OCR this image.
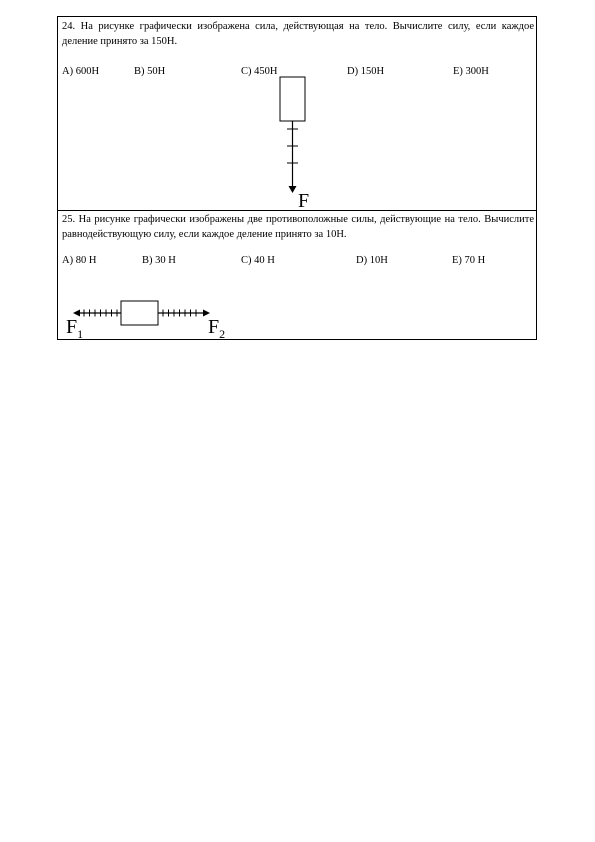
24. На рисунке графически изображена сила, действующая на тело. Вычислите силу, если каждое деление принято за 150Н.

A) 600Н	B) 50Н	C) 450Н	D) 150Н	E) 300Н
F

25. На рисунке графически изображены две противоположные силы, действующие на тело. Вычислите равнодействующую силу, если каждое деление принято за 10Н.

A) 80 Н	B) 30 Н	C) 40 Н	D) 10Н	E) 70 Н
$F_1$	$F_2$
